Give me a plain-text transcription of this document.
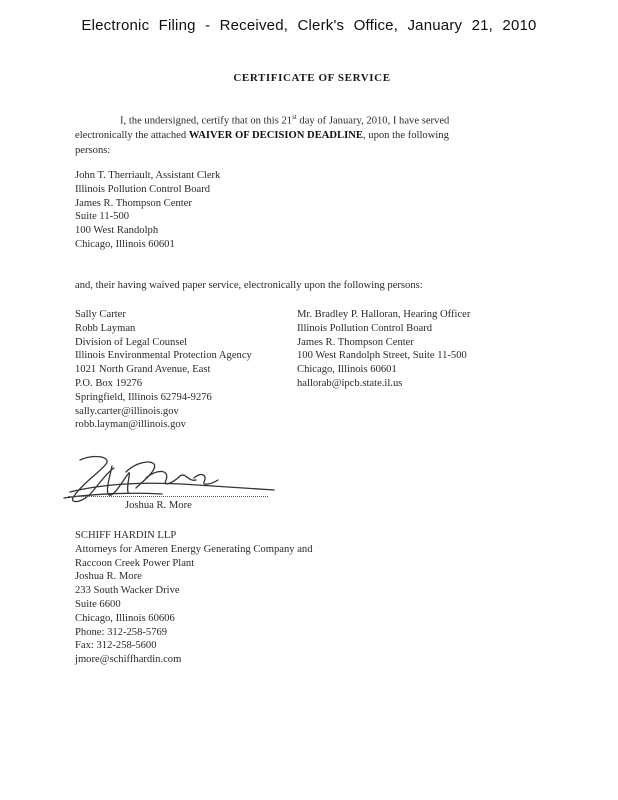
Electronic Filing - Received, Clerk's Office, January 21, 2010
CERTIFICATE OF SERVICE
I, the undersigned, certify that on this 21st day of January, 2010, I have served
electronically the attached WAIVER OF DECISION DEADLINE, upon the following
persons:
John T. Therriault, Assistant Clerk
Illinois Pollution Control Board
James R. Thompson Center
Suite 11-500
100 West Randolph
Chicago, Illinois 60601
and, their having waived paper service, electronically upon the following persons:
Sally Carter
Robb Layman
Division of Legal Counsel
Illinois Environmental Protection Agency
1021 North Grand Avenue, East
P.O. Box 19276
Springfield, Illinois 62794-9276
sally.carter@illinois.gov
robb.layman@illinois.gov
Mr. Bradley P. Halloran, Hearing Officer
Illinois Pollution Control Board
James R. Thompson Center
100 West Randolph Street, Suite 11-500
Chicago, Illinois 60601
hallorab@ipcb.state.il.us
Joshua R. More
SCHIFF HARDIN LLP
Attorneys for Ameren Energy Generating Company and
Raccoon Creek Power Plant
Joshua R. More
233 South Wacker Drive
Suite 6600
Chicago, Illinois 60606
Phone: 312-258-5769
Fax: 312-258-5600
jmore@schiffhardin.com
